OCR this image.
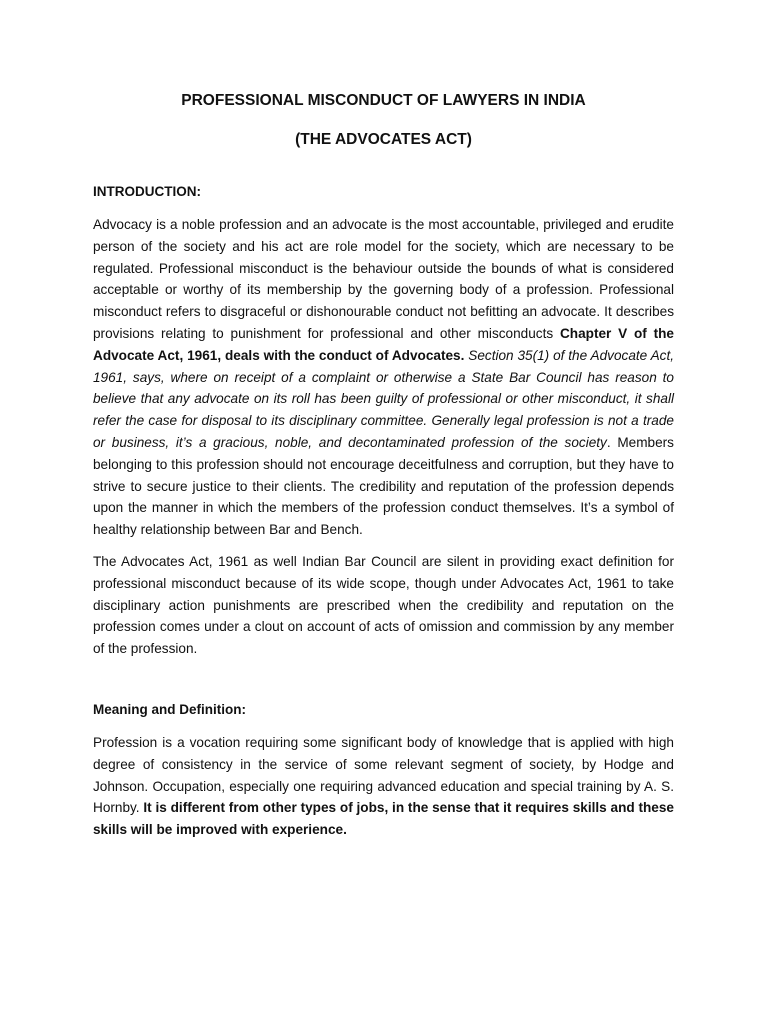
PROFESSIONAL MISCONDUCT OF LAWYERS IN INDIA
(THE ADVOCATES ACT)
INTRODUCTION:

Advocacy is a noble profession and an advocate is the most accountable, privileged and erudite person of the society and his act are role model for the society, which are necessary to be regulated. Professional misconduct is the behaviour outside the bounds of what is considered acceptable or worthy of its membership by the governing body of a profession. Professional misconduct refers to disgraceful or dishonourable conduct not befitting an advocate. It describes provisions relating to punishment for professional and other misconducts Chapter V of the Advocate Act, 1961, deals with the conduct of Advocates. Section 35(1) of the Advocate Act, 1961, says, where on receipt of a complaint or otherwise a State Bar Council has reason to believe that any advocate on its roll has been guilty of professional or other misconduct, it shall refer the case for disposal to its disciplinary committee. Generally legal profession is not a trade or business, it’s a gracious, noble, and decontaminated profession of the society. Members belonging to this profession should not encourage deceitfulness and corruption, but they have to strive to secure justice to their clients. The credibility and reputation of the profession depends upon the manner in which the members of the profession conduct themselves. It’s a symbol of healthy relationship between Bar and Bench.

The Advocates Act, 1961 as well Indian Bar Council are silent in providing exact definition for professional misconduct because of its wide scope, though under Advocates Act, 1961 to take disciplinary action punishments are prescribed when the credibility and reputation on the profession comes under a clout on account of acts of omission and commission by any member of the profession.

Meaning and Definition:

Profession is a vocation requiring some significant body of knowledge that is applied with high degree of consistency in the service of some relevant segment of society, by Hodge and Johnson. Occupation, especially one requiring advanced education and special training by A. S. Hornby. It is different from other types of jobs, in the sense that it requires skills and these skills will be improved with experience.
